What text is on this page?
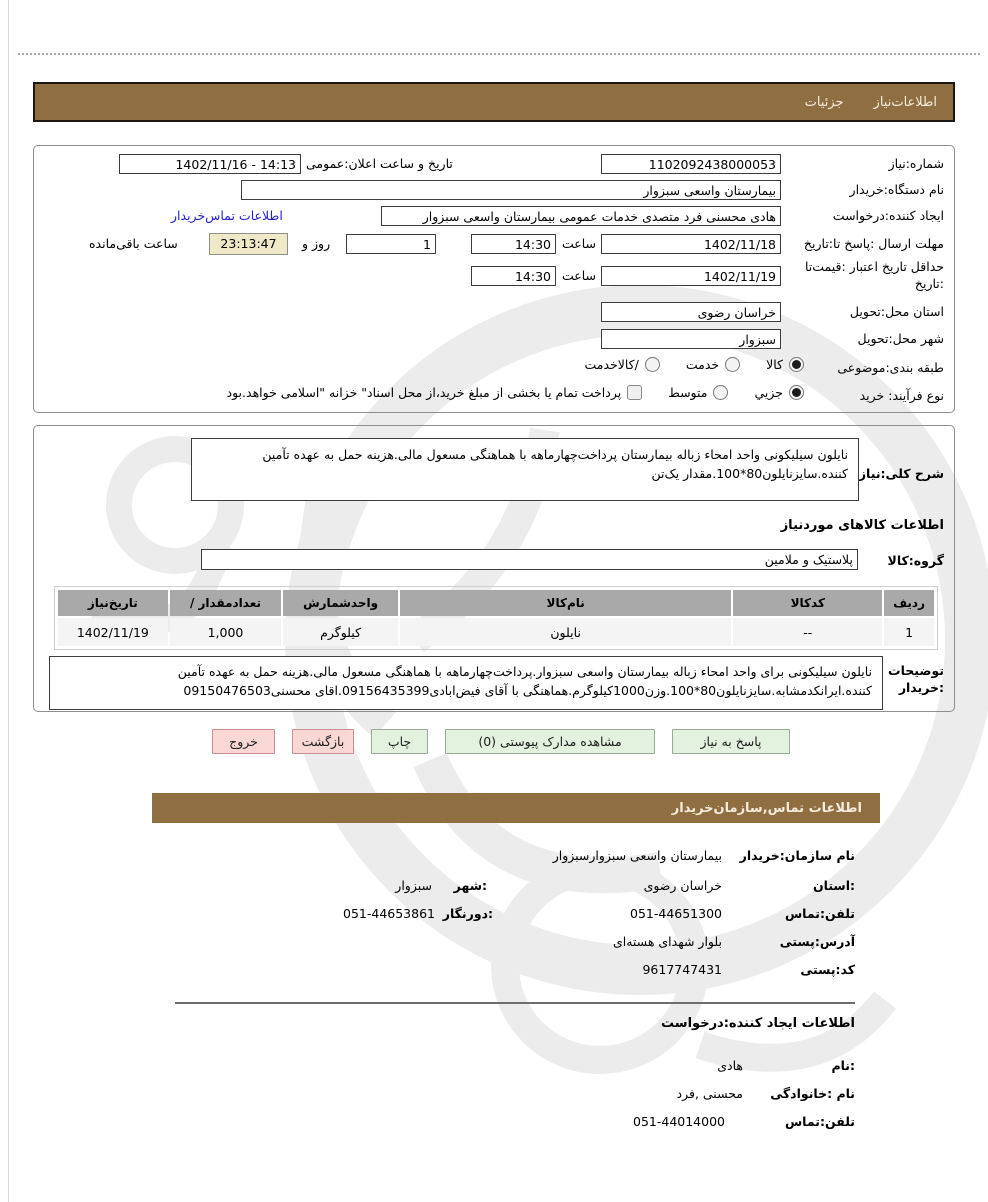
اطلاعات‌نیاز
جزئیات
شماره:نیاز
1102092438000053
تاریخ و ساعت اعلان:عمومی
1402/11/16 - 14:13
نام دستگاه:خریدار
بیمارستان واسعی سبزوار
ایجاد کننده:درخواست
هادی محسنی فرد متصدی خدمات عمومی بیمارستان واسعی سبزوار
اطلاعات تماس‌خریدار
مهلت ارسال :پاسخ تا:تاریخ
1402/11/18
ساعت
14:30
1
روز و
23:13:47
ساعت باقی‌مانده
حداقل تاریخ اعتبار :قیمت‌تا
:تاریخ
1402/11/19
ساعت
14:30
استان محل:تحویل
خراسان رضوی
شهر محل:تحویل
سبزوار
طبقه بندی:موضوعی
کالا
خدمت
/کالاخدمت
نوع فرآیند: خرید
جزيي
متوسط
پرداخت تمام یا بخشی از مبلغ خرید،از محل اسناد" خزانه "اسلامی خواهد.بود
شرح کلی:نیاز
نایلون سیلیکونی واحد امحاء زباله بیمارستان پرداخت‌چهارماهه با هماهنگی مسعول مالی.هزینه حمل به عهده تآمین کننده.سایزنایلون80*100.مقدار یک‌تن
اطلاعات کالاهای موردنیاز
گروه:کالا
پلاستیک و ملامین
ردیف	کدکالا	نام‌کالا	واحدشمارش	/ تعدادمقدار	تاریخ‌نیاز
1	--	نایلون	کیلوگرم	1,000	1402/11/19
توضیحات
:خریدار
نایلون سیلیکونی برای واحد امحاء زباله بیمارستان واسعی سبزوار.پرداخت‌چهارماهه با هماهنگی مسعول مالی.هزینه حمل به عهده تآمین کننده.ایرانکدمشابه.سایزنایلون80*100.وزن1000کیلوگرم.هماهنگی با آقای فیض‌ابادی09156435399.اقای محسنی09150476503
پاسخ به نیاز
مشاهده مدارک پیوستی (0)
چاپ
بازگشت
خروج
اطلاعات تماس,سازمان‌خریدار
نام سازمان:خریدار
بیمارستان واسعی سبزوارسبزوار
:استان
خراسان رضوی
:شهر
سبزوار
تلفن:تماس
051-44651300
:دورنگار
051-44653861
آدرس:پستی
بلوار شهدای هسته‌ای
کد:پستی
9617747431
اطلاعات ایجاد کننده:درخواست
:نام
هادی
نام :خانوادگی
محسنی ,فرد
تلفن:تماس
051-44014000
